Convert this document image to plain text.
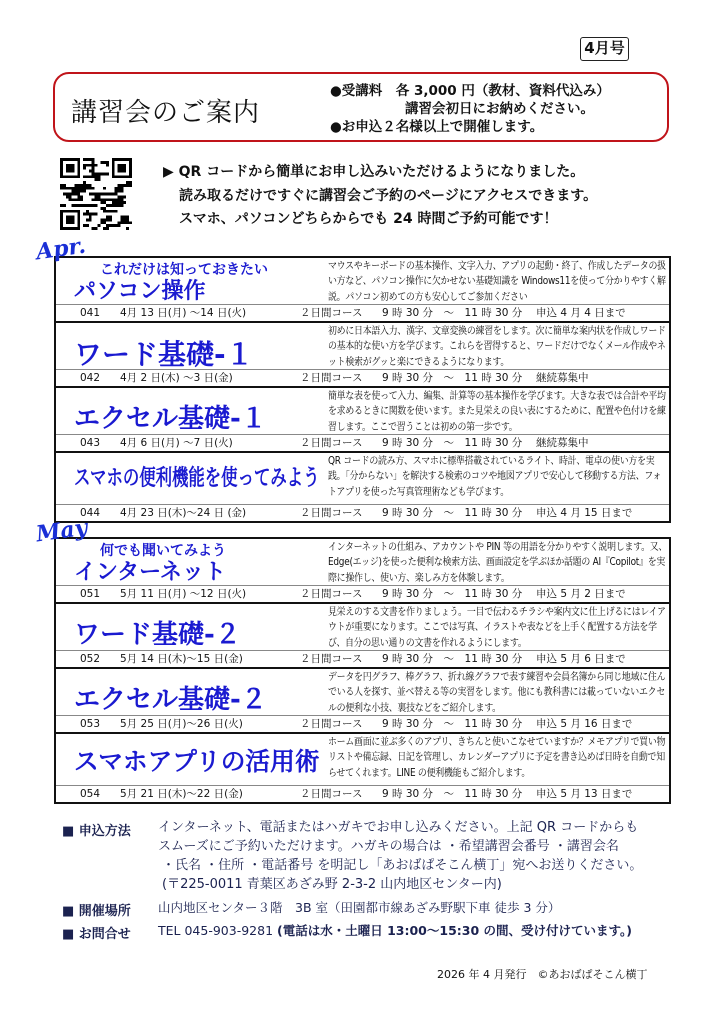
4月号
講習会のご案内
●受講料　各 3,000 円（教材、資料代込み）
講習会初日にお納めください。
●お申込２名様以上で開催します。
▶ QR コードから簡単にお申し込みいただけるようになりました。
読み取るだけですぐに講習会ご予約のページにアクセスできます。
スマホ、パソコンどちらからでも 24 時間ご予約可能です！
これだけは知っておきたい
パソコン操作
マウスやキーボードの基本操作、文字入力、アプリの起動・終了、作成したデータの扱い方など、パソコン操作に欠かせない基礎知識を Windows11を使って分かりやすく解説。パソコン初めての方も安心してご参加ください
041 4月 13 日(月) ～14 日(火)	２日間コース 9 時 30 分　～　11 時 30 分 申込 4 月 4 日まで
ワード基礎-１
初めに日本語入力、漢字、文章変換の練習をします。次に簡単な案内状を作成しワードの基本的な使い方を学びます。これらを習得すると、ワードだけでなくメール作成やネット検索がグッと楽にできるようになります。
042 4月 2 日(木) ～3 日(金)	２日間コース 9 時 30 分　～　11 時 30 分 継続募集中
エクセル基礎-１
簡単な表を使って入力、編集、計算等の基本操作を学びます。大きな表では合計や平均を求めるときに関数を使います。また見栄えの良い表にするために、配置や色付けを練習します。ここで習うことは初めの第一歩です。
043 4月 6 日(月) ～7 日(火)	２日間コース 9 時 30 分　～　11 時 30 分 継続募集中
スマホの便利機能を使ってみよう
QR コードの読み方、スマホに標準搭載されているライト、時計、電卓の使い方を実践。「分からない」を解決する検索のコツや地図アプリで安心して移動する方法、フォトアプリを使った写真管理術なども学びます。
044 4月 23 日(木)～24 日 (金)	２日間コース 9 時 30 分　～　11 時 30 分 申込 4 月 15 日まで
Apr.
何でも聞いてみよう
インターネット
インターネットの仕組み、アカウントや PIN 等の用語を分かりやすく説明します。又、Edge(エッジ)を使った便利な検索方法、画面設定を学ぶほか話題の AI『Copilot』を実際に操作し、使い方、楽しみ方を体験します。
051 5月 11 日(月) ～12 日(火)	２日間コース 9 時 30 分　～　11 時 30 分 申込 5 月 2 日まで
ワード基礎-２
見栄えのする文書を作りましょう。一目で伝わるチラシや案内文に仕上げるにはレイアウトが重要になります。ここでは写真、イラストや表などを上手く配置する方法を学び、自分の思い通りの文書を作れるようにします。
052 5月 14 日(木)～15 日(金)	２日間コース 9 時 30 分　～　11 時 30 分 申込 5 月 6 日まで
エクセル基礎-２
データを円グラフ、棒グラフ、折れ線グラフで表す練習や会員名簿から同じ地域に住んでいる人を探す、並べ替える等の実習をします。他にも教科書には載っていないエクセルの便利な小技、裏技などをご紹介します。
053 5月 25 日(月)～26 日(火)	２日間コース 9 時 30 分　～　11 時 30 分 申込 5 月 16 日まで
スマホアプリの活用術
ホーム画面に並ぶ多くのアプリ、きちんと使いこなせていますか？メモアプリで買い物リストや備忘録、日記を管理し、カレンダーアプリに予定を書き込めば日時を自動で知らせてくれます。LINE の便利機能もご紹介します。
054 5月 21 日(木)～22 日(金)	２日間コース 9 時 30 分　～　11 時 30 分 申込 5 月 13 日まで
May
■ 申込方法 インターネット、電話またはハガキでお申し込みください。上記 QR コードからも
スムーズにご予約いただけます。ハガキの場合は ・希望講習会番号 ・講習会名
・氏名 ・住所 ・電話番号 を明記し「あおばぱそこん横丁」宛へお送りください。
(〒225-0011 青葉区あざみ野 2-3-2 山内地区センター内)
■ 開催場所 山内地区センター３階　3B 室（田園都市線あざみ野駅下車 徒歩 3 分）
■ お問合せ TEL 045-903-9281 (電話は水・土曜日 13:00～15:30 の間、受け付けています。)
2026 年 4 月発行　©あおばぱそこん横丁
